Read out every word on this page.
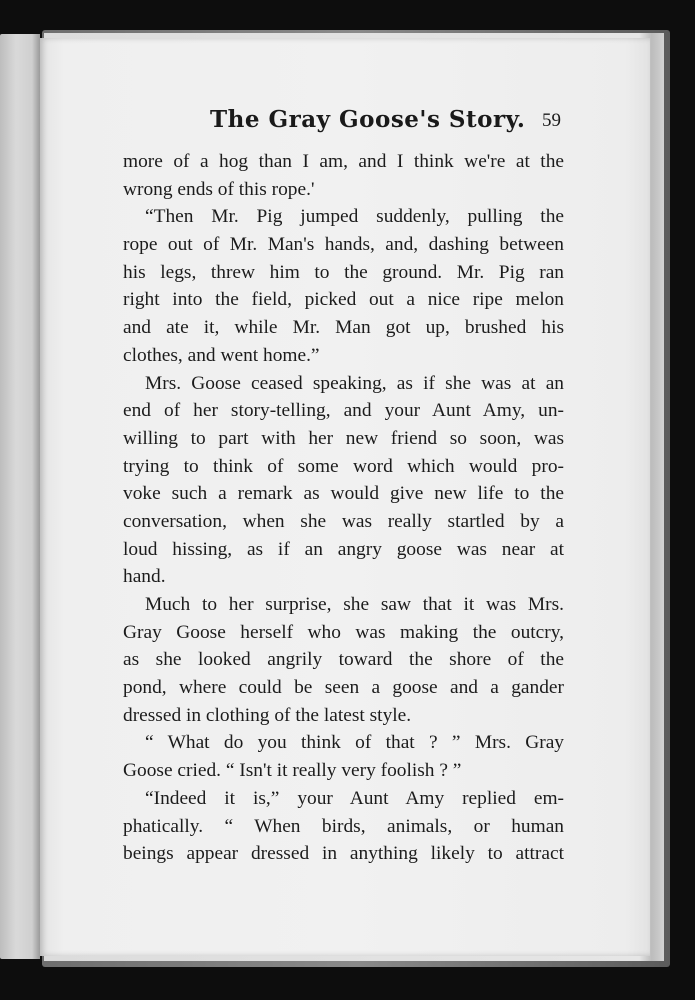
The Gray Goose's Story. 59
more of a hog than I am, and I think we're at the
wrong ends of this rope.'
“Then Mr. Pig jumped suddenly, pulling the
rope out of Mr. Man's hands, and, dashing between
his legs, threw him to the ground. Mr. Pig ran
right into the field, picked out a nice ripe melon
and ate it, while Mr. Man got up, brushed his
clothes, and went home.”
Mrs. Goose ceased speaking, as if she was at an
end of her story-telling, and your Aunt Amy, un-
willing to part with her new friend so soon, was
trying to think of some word which would pro-
voke such a remark as would give new life to the
conversation, when she was really startled by a
loud hissing, as if an angry goose was near at
hand.
Much to her surprise, she saw that it was Mrs.
Gray Goose herself who was making the outcry,
as she looked angrily toward the shore of the
pond, where could be seen a goose and a gander
dressed in clothing of the latest style.
“ What do you think of that ? ” Mrs. Gray
Goose cried. “ Isn't it really very foolish ? ”
“Indeed it is,” your Aunt Amy replied em-
phatically. “ When birds, animals, or human
beings appear dressed in anything likely to attract
